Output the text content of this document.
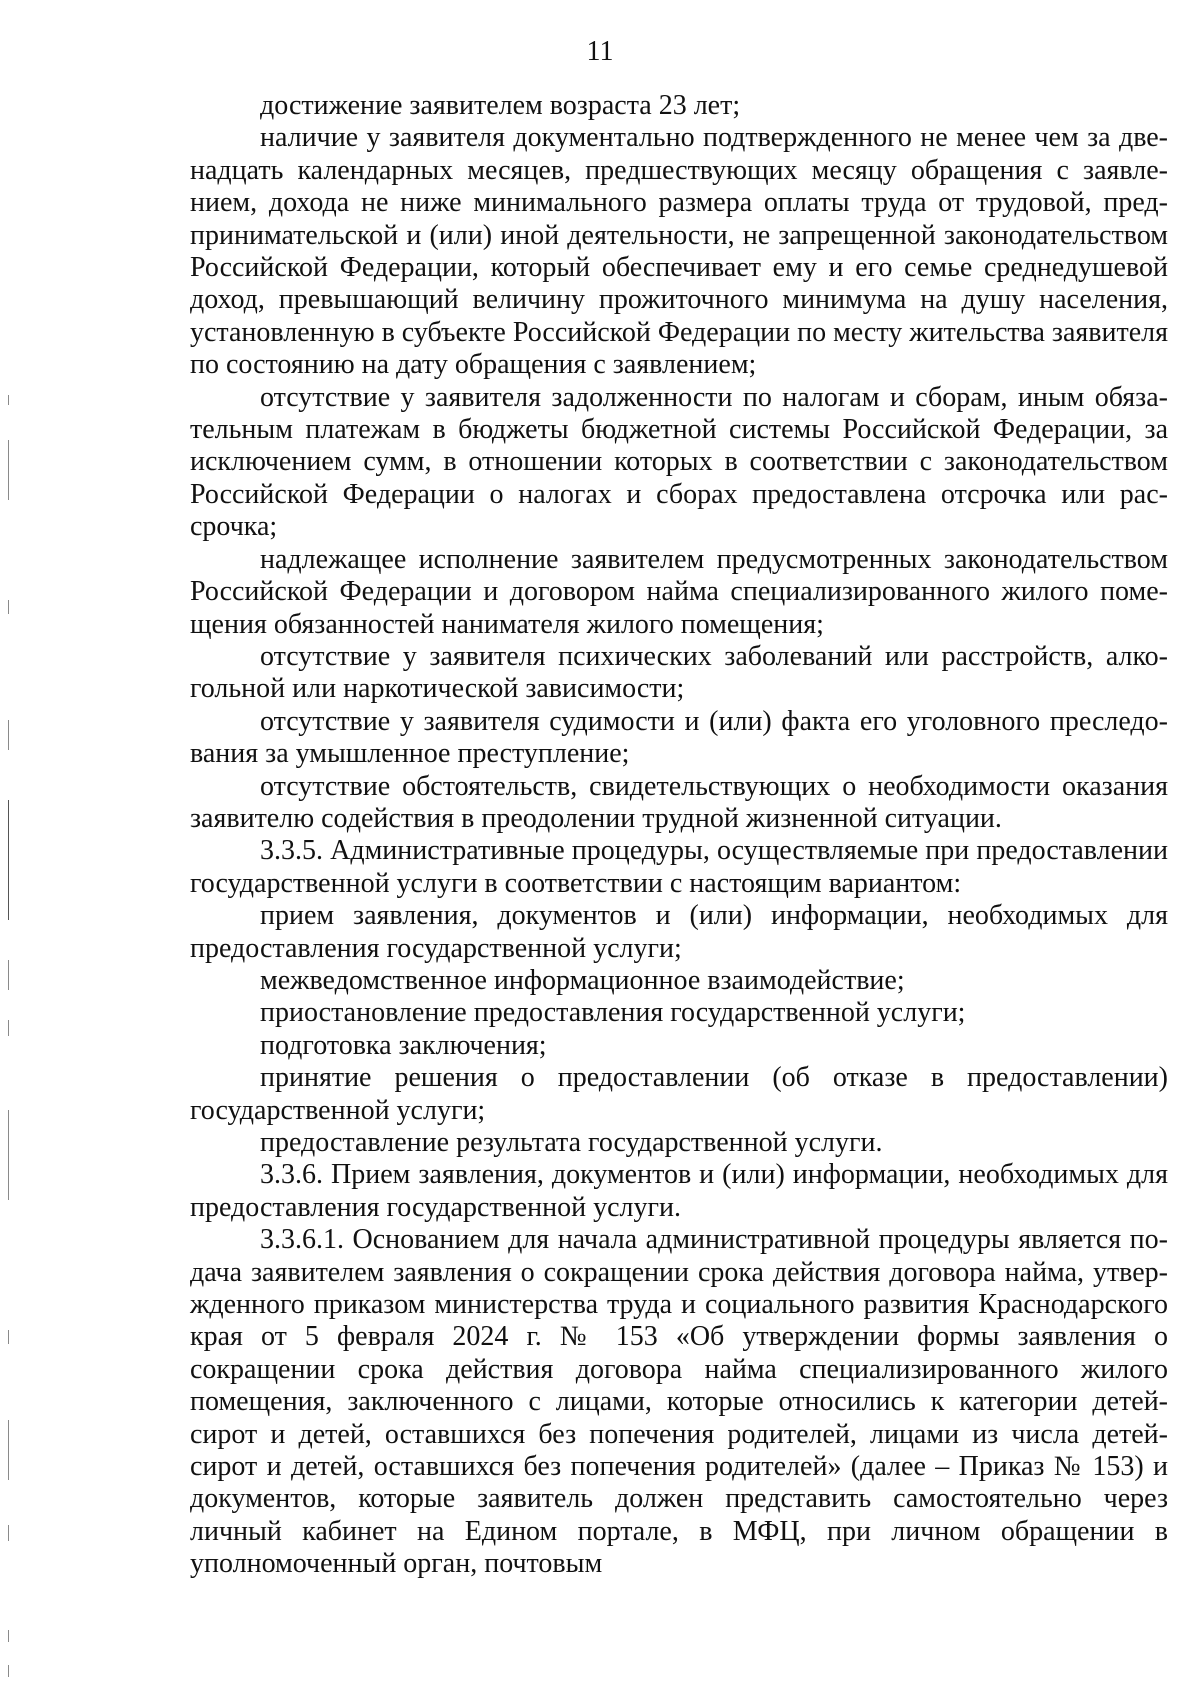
11

достижение заявителем возраста 23 лет;

наличие у заявителя документально подтвержденного не менее чем за двенадцать календарных месяцев, предшествующих месяцу обращения с заявлением, дохода не ниже минимального размера оплаты труда от трудовой, предпринимательской и (или) иной деятельности, не запрещенной законодательством Российской Федерации, который обеспечивает ему и его семье среднедушевой доход, превышающий величину прожиточного минимума на душу населения, установленную в субъекте Российской Федерации по месту жительства заявителя по состоянию на дату обращения с заявлением;

отсутствие у заявителя задолженности по налогам и сборам, иным обязательным платежам в бюджеты бюджетной системы Российской Федерации, за исключением сумм, в отношении которых в соответствии с законодательством Российской Федерации о налогах и сборах предоставлена отсрочка или рассрочка;

надлежащее исполнение заявителем предусмотренных законодательством Российской Федерации и договором найма специализированного жилого помещения обязанностей нанимателя жилого помещения;

отсутствие у заявителя психических заболеваний или расстройств, алкогольной или наркотической зависимости;

отсутствие у заявителя судимости и (или) факта его уголовного преследования за умышленное преступление;

отсутствие обстоятельств, свидетельствующих о необходимости оказания заявителю содействия в преодолении трудной жизненной ситуации.

3.3.5. Административные процедуры, осуществляемые при предоставлении государственной услуги в соответствии с настоящим вариантом:

прием заявления, документов и (или) информации, необходимых для предоставления государственной услуги;

межведомственное информационное взаимодействие;

приостановление предоставления государственной услуги;

подготовка заключения;

принятие решения о предоставлении (об отказе в предоставлении) государственной услуги;

предоставление результата государственной услуги.

3.3.6. Прием заявления, документов и (или) информации, необходимых для предоставления государственной услуги.

3.3.6.1. Основанием для начала административной процедуры является подача заявителем заявления о сокращении срока действия договора найма, утвержденного приказом министерства труда и социального развития Краснодарского края от 5 февраля 2024 г. № 153 «Об утверждении формы заявления о сокращении срока действия договора найма специализированного жилого помещения, заключенного с лицами, которые относились к категории детей-сирот и детей, оставшихся без попечения родителей, лицами из числа детей-сирот и детей, оставшихся без попечения родителей» (далее – Приказ № 153) и документов, которые заявитель должен представить самостоятельно через личный кабинет на Едином портале, в МФЦ, при личном обращении в уполномоченный орган, почтовым
